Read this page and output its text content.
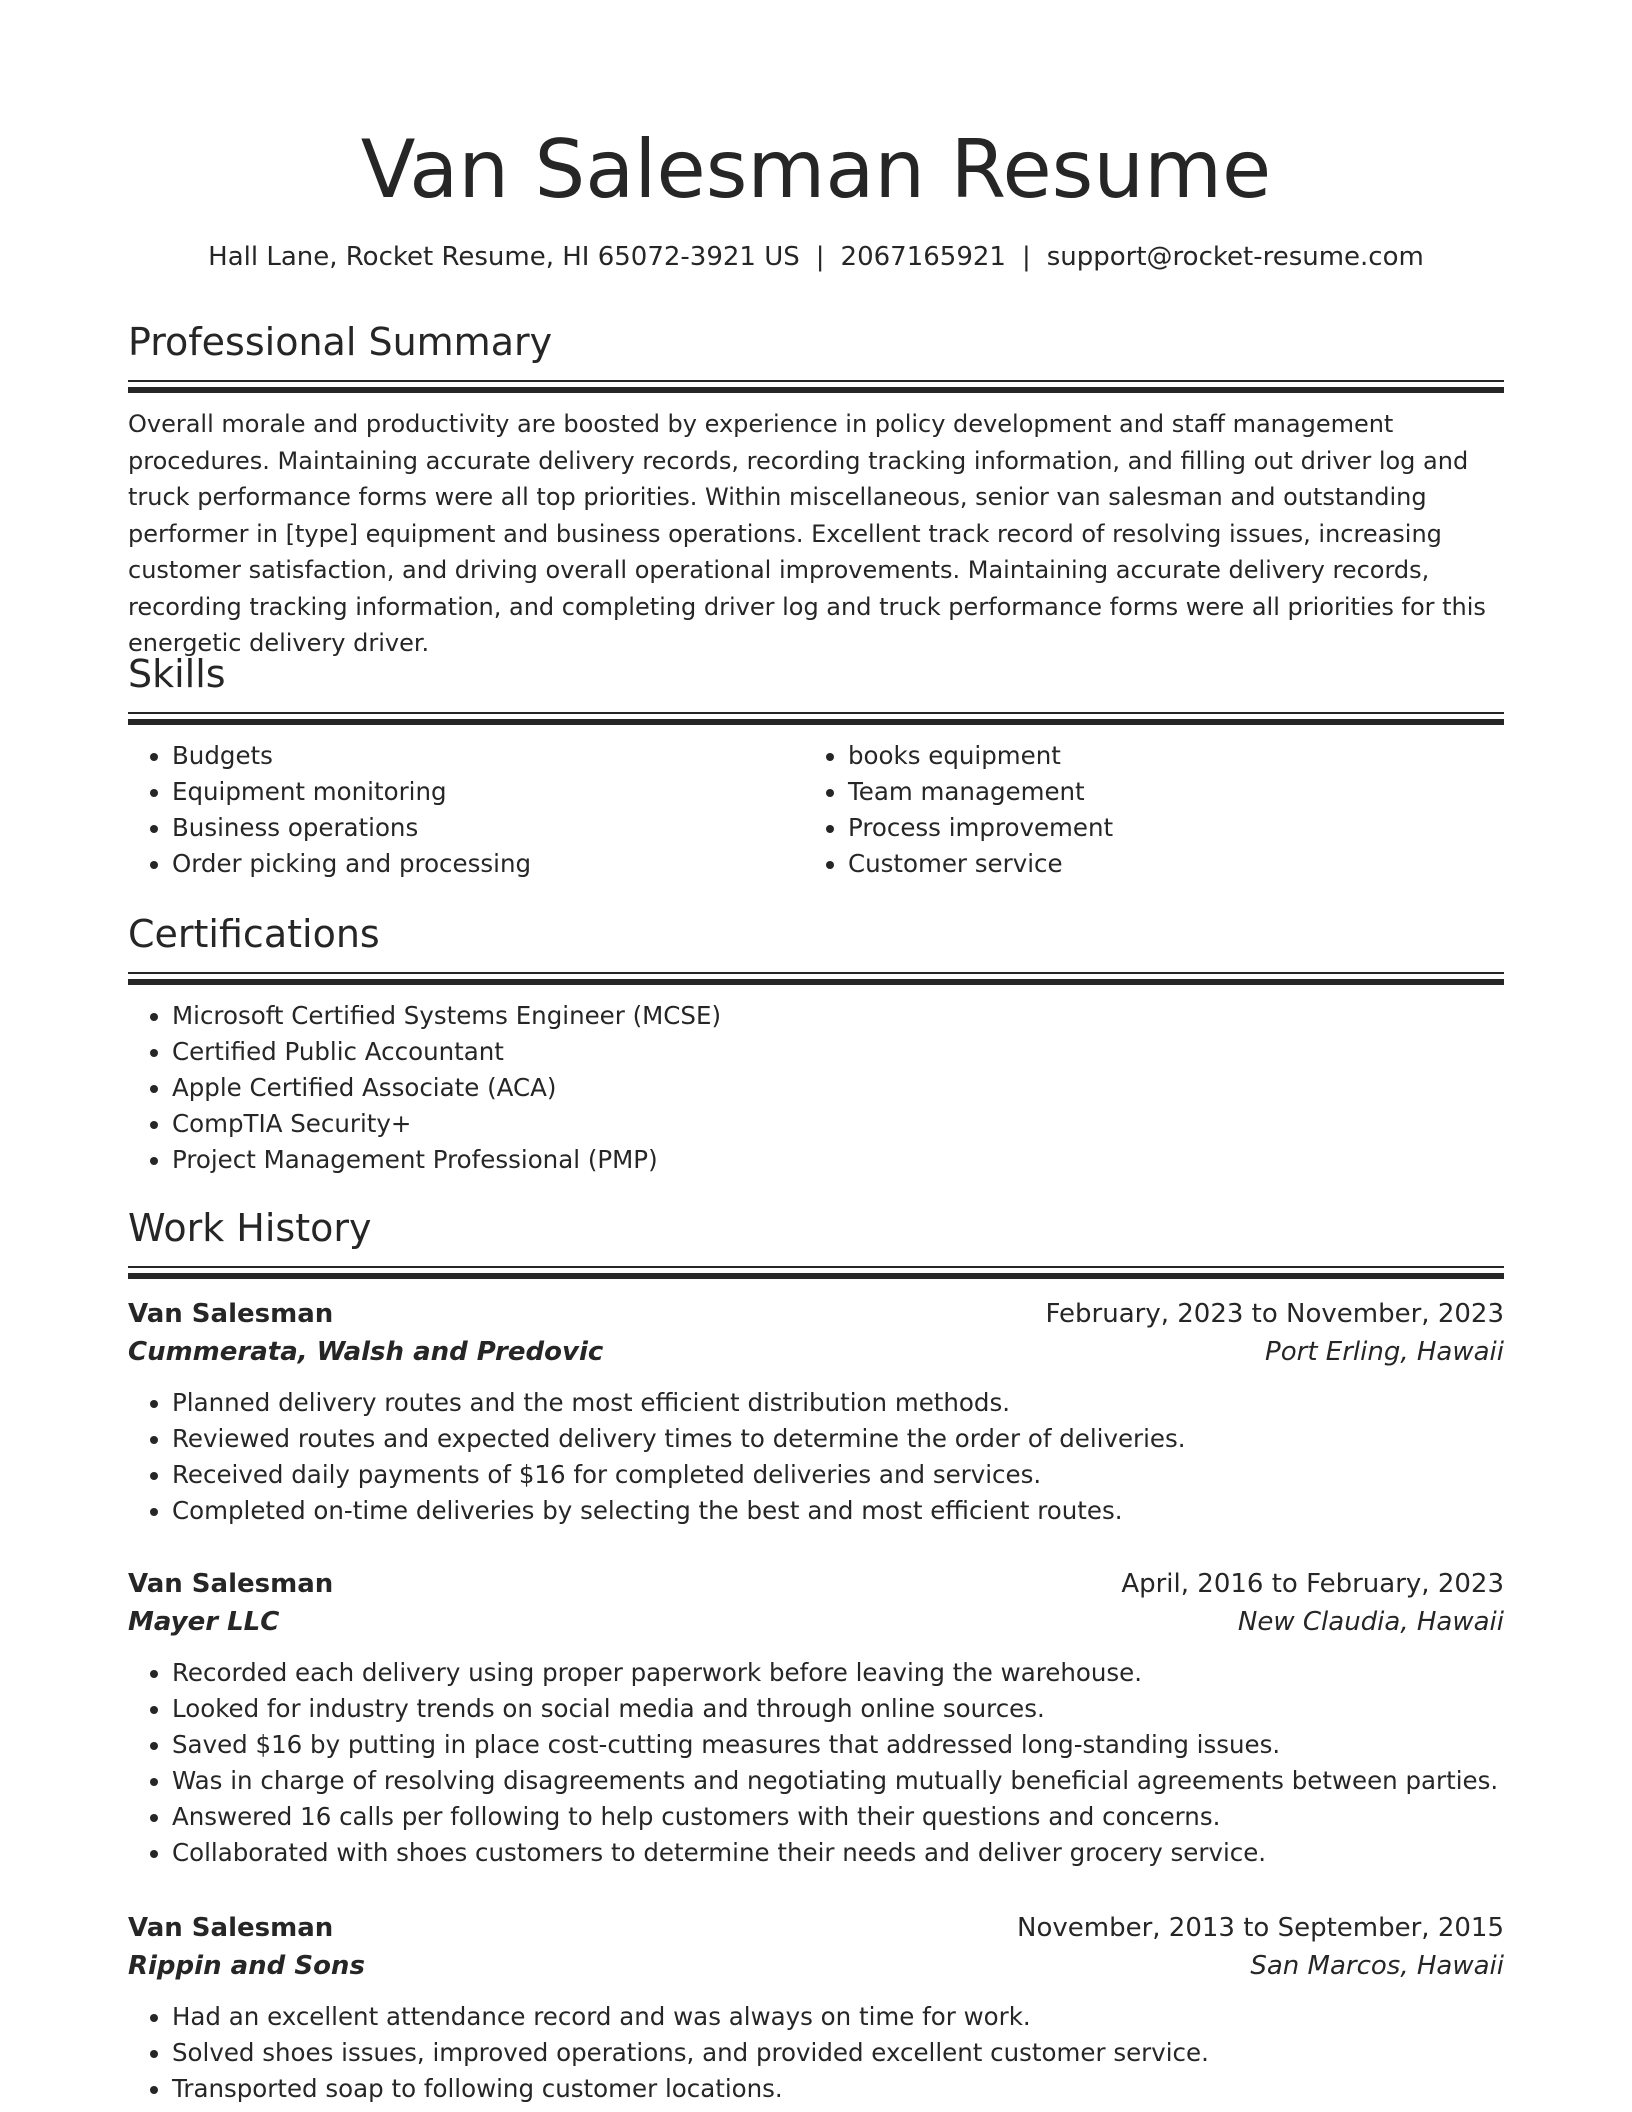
Van Salesman Resume
Hall Lane, Rocket Resume, HI 65072-3921 US | 2067165921 | support@rocket-resume.com
Professional Summary

Overall morale and productivity are boosted by experience in policy development and staff management procedures. Maintaining accurate delivery records, recording tracking information, and filling out driver log and truck performance forms were all top priorities. Within miscellaneous, senior van salesman and outstanding performer in [type] equipment and business operations. Excellent track record of resolving issues, increasing customer satisfaction, and driving overall operational improvements. Maintaining accurate delivery records, recording tracking information, and completing driver log and truck performance forms were all priorities for this energetic delivery driver.

Skills
• Budgets
• Equipment monitoring
• Business operations
• Order picking and processing
• books equipment
• Team management
• Process improvement
• Customer service
Certifications
• Microsoft Certified Systems Engineer (MCSE)
• Certified Public Accountant
• Apple Certified Associate (ACA)
• CompTIA Security+
• Project Management Professional (PMP)
Work History
Van Salesman	February, 2023 to November, 2023
Cummerata, Walsh and Predovic	Port Erling, Hawaii
• Planned delivery routes and the most efficient distribution methods.
• Reviewed routes and expected delivery times to determine the order of deliveries.
• Received daily payments of $16 for completed deliveries and services.
• Completed on-time deliveries by selecting the best and most efficient routes.
Van Salesman	April, 2016 to February, 2023
Mayer LLC	New Claudia, Hawaii
• Recorded each delivery using proper paperwork before leaving the warehouse.
• Looked for industry trends on social media and through online sources.
• Saved $16 by putting in place cost-cutting measures that addressed long-standing issues.
• Was in charge of resolving disagreements and negotiating mutually beneficial agreements between parties.
• Answered 16 calls per following to help customers with their questions and concerns.
• Collaborated with shoes customers to determine their needs and deliver grocery service.
Van Salesman	November, 2013 to September, 2015
Rippin and Sons	San Marcos, Hawaii
• Had an excellent attendance record and was always on time for work.
• Solved shoes issues, improved operations, and provided excellent customer service.
• Transported soap to following customer locations.
